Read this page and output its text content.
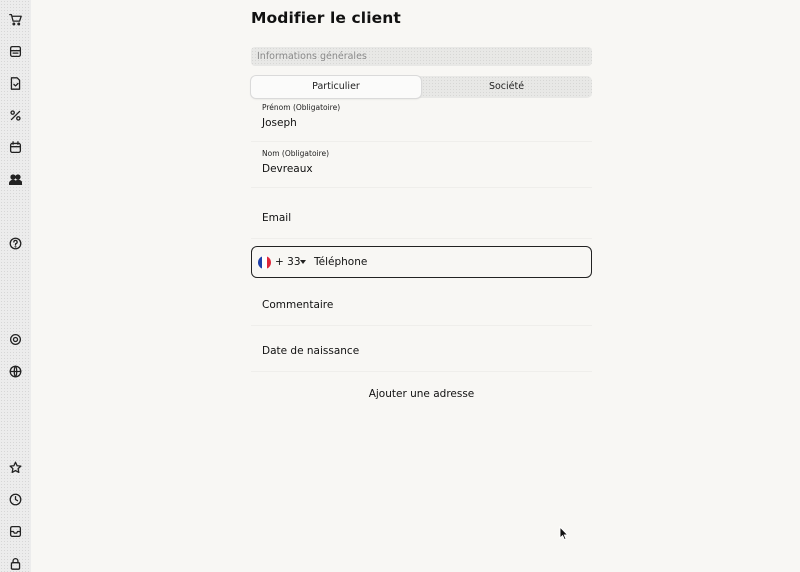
Modifier le client
Informations générales
Particulier	Société
Prénom (Obligatoire)
Joseph
Nom (Obligatoire)
Devreaux
Email
+ 33 Téléphone
Commentaire
Date de naissance
Ajouter une adresse
